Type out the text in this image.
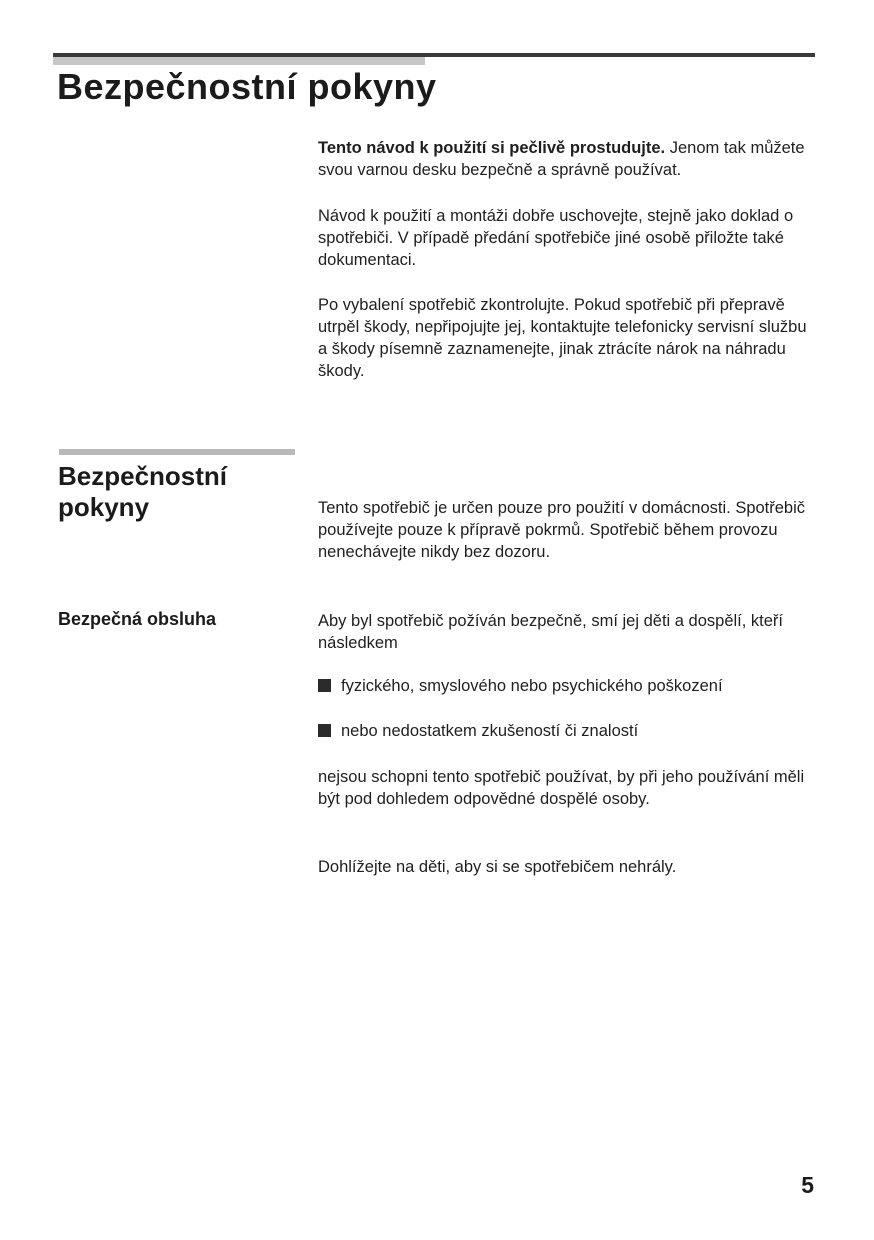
Bezpečnostní pokyny

Tento návod k použití si pečlivě prostudujte. Jenom tak můžete svou varnou desku bezpečně a správně používat.

Návod k použití a montáži dobře uschovejte, stejně jako doklad o spotřebiči. V případě předání spotřebiče jiné osobě přiložte také dokumentaci.

Po vybalení spotřebič zkontrolujte. Pokud spotřebič při přepravě utrpěl škody, nepřipojujte jej, kontaktujte telefonicky servisní službu a škody písemně zaznamenejte, jinak ztrácíte nárok na náhradu škody.

Bezpečnostní
pokyny	Tento spotřebič je určen pouze pro použití v domácnosti. Spotřebič používejte pouze k přípravě pokrmů. Spotřebič během provozu nenechávejte nikdy bez dozoru.

Bezpečná obsluha	Aby byl spotřebič požíván bezpečně, smí jej děti a dospělí, kteří následkem

fyzického, smyslového nebo psychického poškození
nebo nedostatkem zkušeností či znalostí

nejsou schopni tento spotřebič používat, by při jeho používání měli být pod dohledem odpovědné dospělé osoby.

Dohlížejte na děti, aby si se spotřebičem nehrály.

5
